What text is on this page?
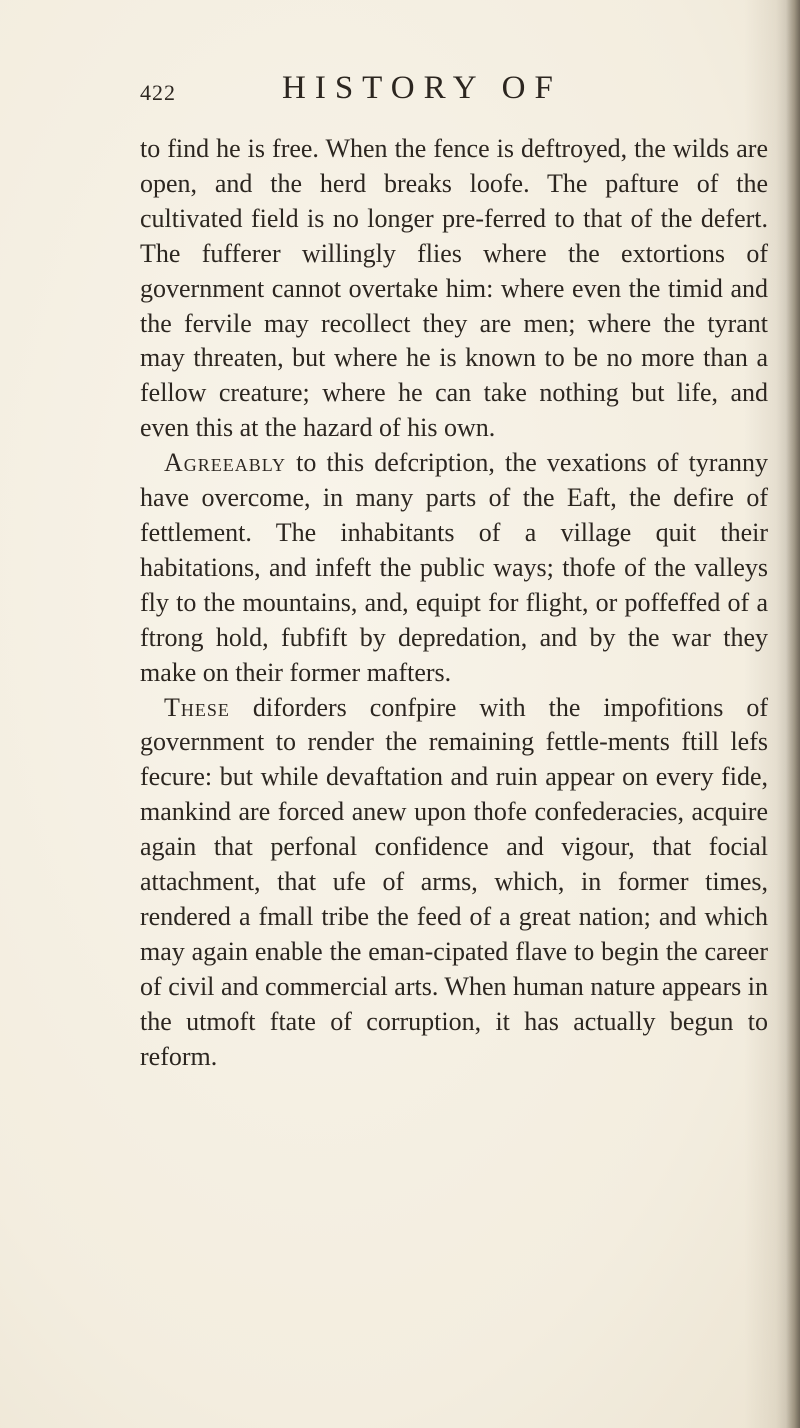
422	HISTORY OF

to find he is free. When the fence is deftroyed, the wilds are open, and the herd breaks loofe. The pafture of the cultivated field is no longer pre-ferred to that of the defert. The fufferer willingly flies where the extortions of government cannot overtake him: where even the timid and the fervile may recollect they are men; where the tyrant may threaten, but where he is known to be no more than a fellow creature; where he can take nothing but life, and even this at the hazard of his own.

Agreeably to this defcription, the vexations of tyranny have overcome, in many parts of the Eaft, the defire of fettlement. The inhabitants of a village quit their habitations, and infeft the public ways; thofe of the valleys fly to the mountains, and, equipt for flight, or poffeffed of a ftrong hold, fubfift by depredation, and by the war they make on their former mafters.

These diforders confpire with the impofitions of government to render the remaining fettle-ments ftill lefs fecure: but while devaftation and ruin appear on every fide, mankind are forced anew upon thofe confederacies, acquire again that perfonal confidence and vigour, that focial attachment, that ufe of arms, which, in former times, rendered a fmall tribe the feed of a great nation; and which may again enable the eman-cipated flave to begin the career of civil and commercial arts. When human nature appears in the utmoft ftate of corruption, it has actually begun to reform.
